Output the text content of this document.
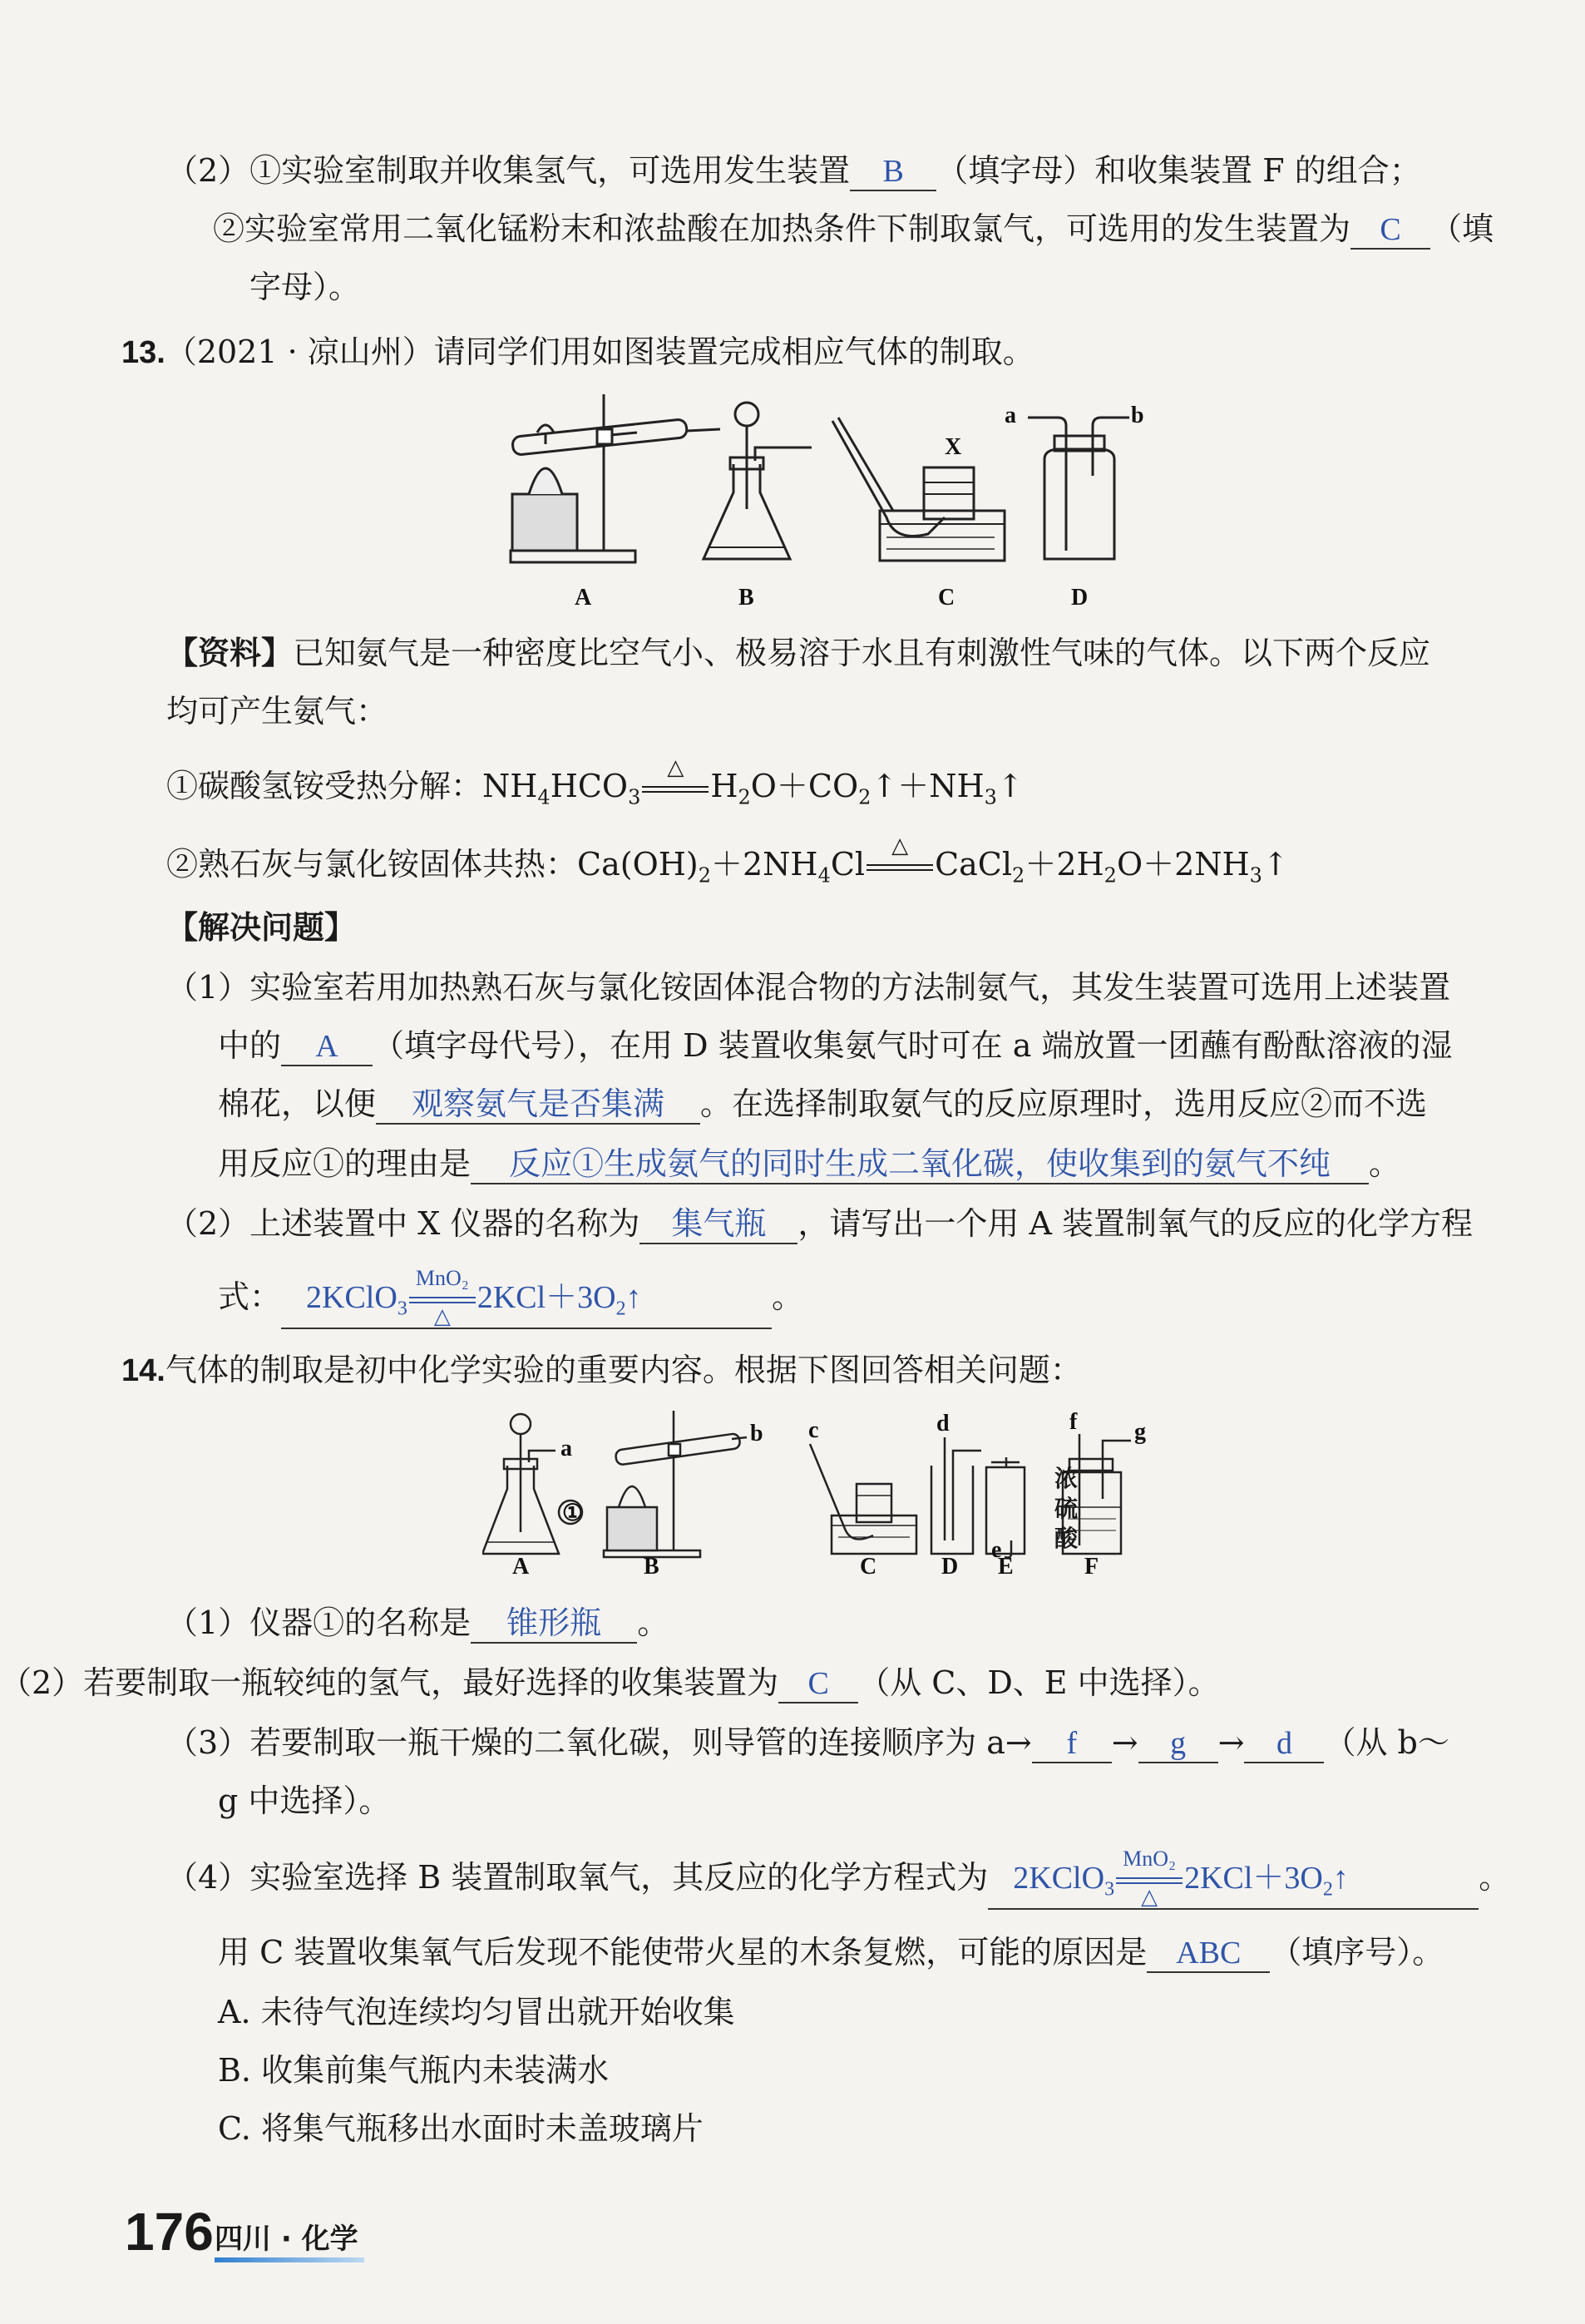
（2）①实验室制取并收集氢气，可选用发生装置 B （填字母）和收集装置 F 的组合；
②实验室常用二氧化锰粉末和浓盐酸在加热条件下制取氯气，可选用的发生装置为 C （填
字母）。
13.（2021 · 凉山州）请同学们用如图装置完成相应气体的制取。
A	B
X
C
a	b
D
【资料】已知氨气是一种密度比空气小、极易溶于水且有刺激性气味的气体。以下两个反应
均可产生氨气：
①碳酸氢铵受热分解：$NH_4HCO_3$
△
$H_2O+CO_2↑+NH_3↑$
②熟石灰与氯化铵固体共热：$Ca(OH)_2+2NH_4Cl$
△
$CaCl_2+2H_2O+2NH_3↑$
【解决问题】
（1）实验室若用加热熟石灰与氯化铵固体混合物的方法制氨气，其发生装置可选用上述装置
中的 A （填字母代号），在用 D 装置收集氨气时可在 a 端放置一团蘸有酚酞溶液的湿
棉花，以便 观察氨气是否集满 。在选择制取氨气的反应原理时，选用反应②而不选
用反应①的理由是 反应①生成氨气的同时生成二氧化碳，使收集到的氨气不纯 。
（2）上述装置中 X 仪器的名称为 集气瓶 ，请写出一个用 A 装置制氧气的反应的化学方程
式： 2KClO$_3$
MnO₂
△
$2KCl+3O_2↑$	。
14.气体的制取是初中化学实验的重要内容。根据下图回答相关问题：
a
①
A
b
B
c
C
d
D
e
E
f g
F
浓硫酸
（1）仪器①的名称是 锥形瓶 。
（2）若要制取一瓶较纯的氢气，最好选择的收集装置为 C （从 C、D、E 中选择）。
（3）若要制取一瓶干燥的二氧化碳，则导管的连接顺序为 a→ f → g → d （从 b～
g 中选择）。
（4）实验室选择 B 装置制取氧气，其反应的化学方程式为 2KClO$_3$
MnO₂
△
$2KCl+3O_2↑$	。
用 C 装置收集氧气后发现不能使带火星的木条复燃，可能的原因是 ABC （填序号）。
A. 未待气泡连续均匀冒出就开始收集
B. 收集前集气瓶内未装满水
C. 将集气瓶移出水面时未盖玻璃片
176 四川 · 化学
